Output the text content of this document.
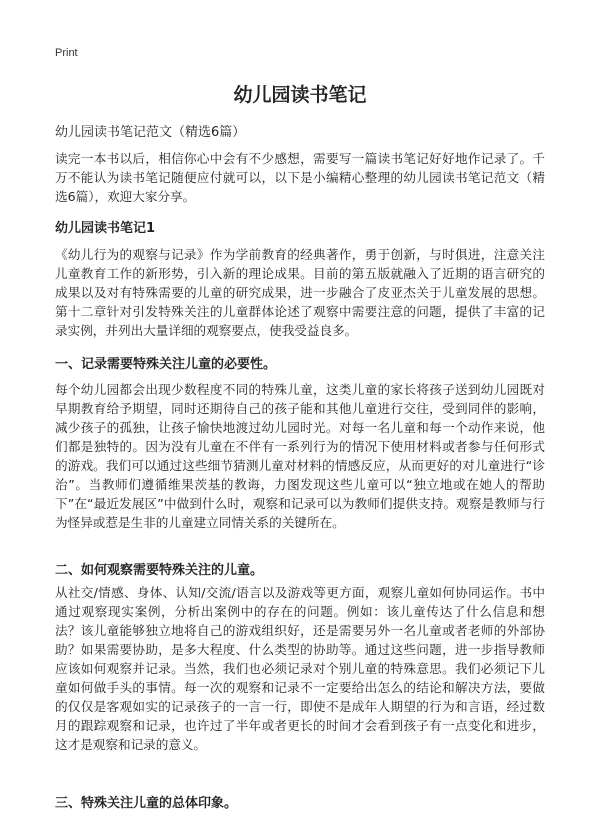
Print
幼儿园读书笔记

幼儿园读书笔记范文（精选6篇）

读完一本书以后，相信你心中会有不少感想，需要写一篇读书笔记好好地作记录了。千万不能认为读书笔记随便应付就可以，以下是小编精心整理的幼儿园读书笔记范文（精选6篇），欢迎大家分享。

幼儿园读书笔记1

《幼儿行为的观察与记录》作为学前教育的经典著作，勇于创新，与时俱进，注意关注儿童教育工作的新形势，引入新的理论成果。目前的第五版就融入了近期的语言研究的成果以及对有特殊需要的儿童的研究成果，进一步融合了皮亚杰关于儿童发展的思想。第十二章针对引发特殊关注的儿童群体论述了观察中需要注意的问题，提供了丰富的记录实例，并列出大量详细的观察要点，使我受益良多。

一、记录需要特殊关注儿童的必要性。

每个幼儿园都会出现少数程度不同的特殊儿童，这类儿童的家长将孩子送到幼儿园既对早期教育给予期望，同时还期待自己的孩子能和其他儿童进行交往，受到同伴的影响，减少孩子的孤独，让孩子愉快地渡过幼儿园时光。对每一名儿童和每一个动作来说，他们都是独特的。因为没有儿童在不伴有一系列行为的情况下使用材料或者参与任何形式的游戏。我们可以通过这些细节猜测儿童对材料的情感反应，从而更好的对儿童进行“诊治”。当教师们遵循维果茨基的教诲，力图发现这些儿童可以“独立地或在她人的帮助下”在“最近发展区”中做到什么时，观察和记录可以为教师们提供支持。观察是教师与行为怪异或惹是生非的儿童建立同情关系的关键所在。

二、如何观察需要特殊关注的儿童。

从社交/情感、身体、认知/交流/语言以及游戏等更方面，观察儿童如何协同运作。书中通过观察现实案例，分析出案例中的存在的问题。例如：该儿童传达了什么信息和想法？该儿童能够独立地将自己的游戏组织好，还是需要另外一名儿童或者老师的外部协助？如果需要协助，是多大程度、什么类型的协助等。通过这些问题，进一步指导教师应该如何观察并记录。当然，我们也必须记录对个别儿童的特殊意思。我们必须记下儿童如何做手头的事情。每一次的观察和记录不一定要给出怎么的结论和解决方法，要做的仅仅是客观如实的记录孩子的一言一行，即使不是成年人期望的行为和言语，经过数月的跟踪观察和记录，也许过了半年或者更长的时间才会看到孩子有一点变化和进步，这才是观察和记录的意义。

三、特殊关注儿童的总体印象。
